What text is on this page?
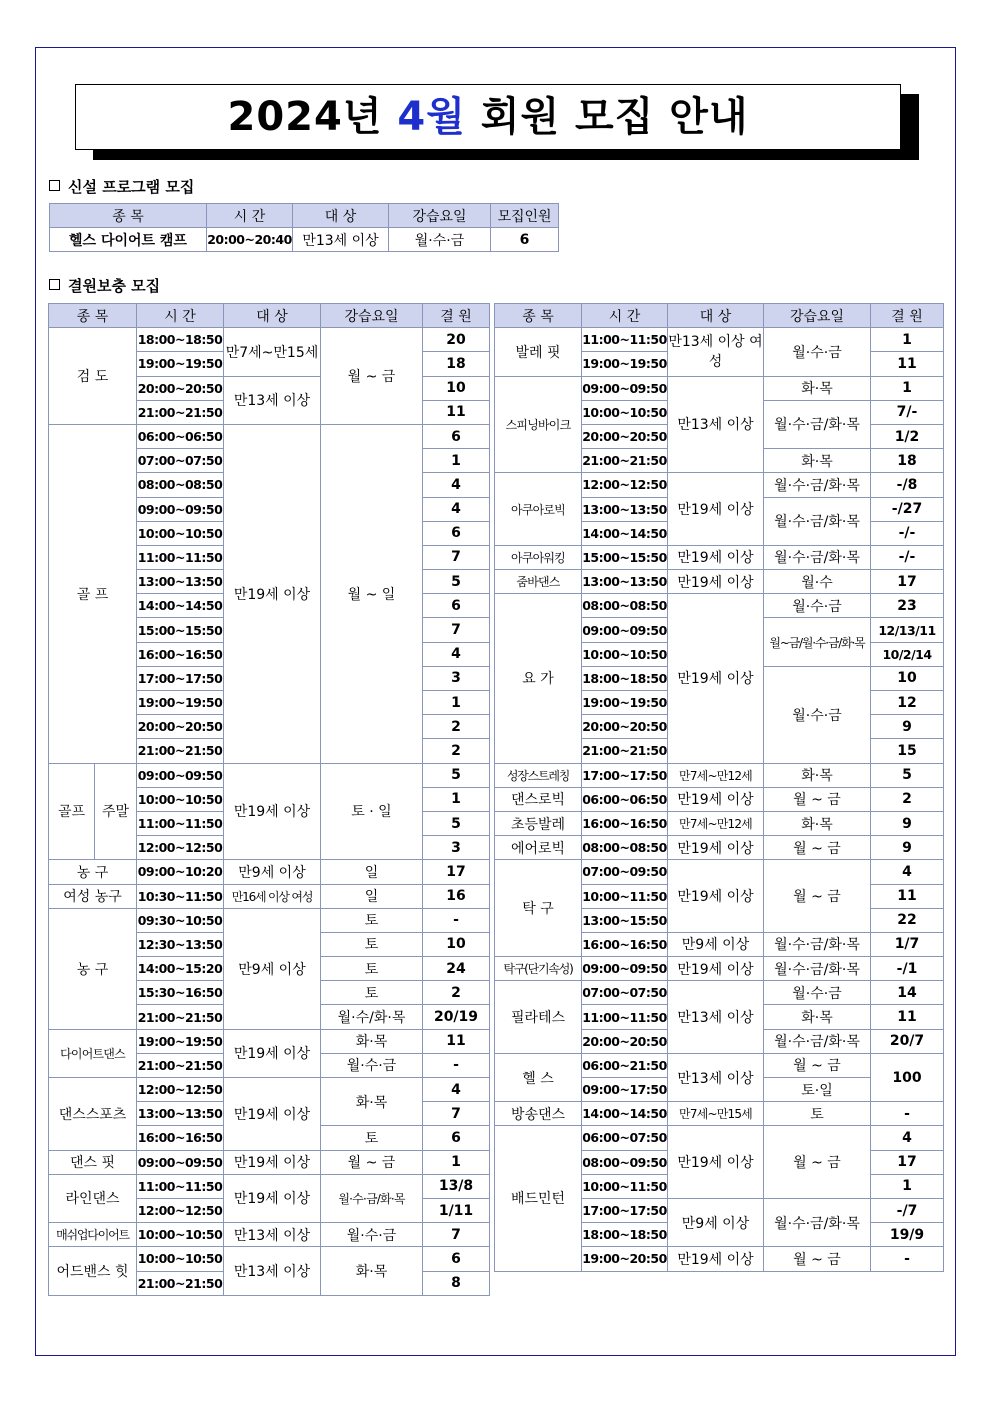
2024년 4월 회원 모집 안내
신설 프로그램 모집
종 목	시 간	대 상	강습요일	모집인원
헬스 다이어트 캠프	20:00~20:40	만13세 이상	월·수·금	6
결원보충 모집
종 목		시 간	대 상	강습요일	결 원
검 도		18:00~18:50	만7세~만15세	월 ~ 금	20
		19:00~19:50			18
		20:00~20:50	만13세 이상		10
		21:00~21:50			11
골 프		06:00~06:50	만19세 이상	월 ~ 일	6
		07:00~07:50			1
		08:00~08:50			4
		09:00~09:50			4
		10:00~10:50			6
		11:00~11:50			7
		13:00~13:50			5
		14:00~14:50			6
		15:00~15:50			7
		16:00~16:50			4
		17:00~17:50			3
		19:00~19:50			1
		20:00~20:50			2
		21:00~21:50			2
골프	주말	09:00~09:50	만19세 이상	토 · 일	5
		10:00~10:50			1
		11:00~11:50			5
		12:00~12:50			3
농 구		09:00~10:20	만9세 이상	일	17
여성 농구		10:30~11:50	만16세 이상 여성	일	16
농 구		09:30~10:50	만9세 이상	토	-
		12:30~13:50		토	10
		14:00~15:20		토	24
		15:30~16:50		토	2
		21:00~21:50		월·수/화·목	20/19
다이어트댄스		19:00~19:50	만19세 이상	화·목	11
		21:00~21:50		월·수·금	-
댄스스포츠		12:00~12:50	만19세 이상	화·목	4
		13:00~13:50			7
		16:00~16:50		토	6
댄스 핏		09:00~09:50	만19세 이상	월 ~ 금	1
라인댄스		11:00~11:50	만19세 이상	월·수·금/화·목	13/8
		12:00~12:50			1/11
매쉬업다이어트		10:00~10:50	만13세 이상	월·수·금	7
어드밴스 힛		10:00~10:50	만13세 이상	화·목	6
		21:00~21:50			8
종 목	시 간	대 상	강습요일	결 원
발레 핏	11:00~11:50	만13세 이상 여성	월·수·금	1
	19:00~19:50			11
스피닝바이크	09:00~09:50	만13세 이상	화·목	1
	10:00~10:50		월·수·금/화·목	7/-
	20:00~20:50			1/2
	21:00~21:50		화·목	18
아쿠아로빅	12:00~12:50	만19세 이상	월·수·금/화·목	-/8
	13:00~13:50		월·수·금/화·목	-/27
	14:00~14:50			-/-
아쿠아워킹	15:00~15:50	만19세 이상	월·수·금/화·목	-/-
줌바댄스	13:00~13:50	만19세 이상	월·수	17
요 가	08:00~08:50	만19세 이상	월·수·금	23
	09:00~09:50		월~금/월·수·금/화·목	12/13/11
	10:00~10:50			10/2/14
	18:00~18:50		월·수·금	10
	19:00~19:50			12
	20:00~20:50			9
	21:00~21:50			15
성장스트레칭	17:00~17:50	만7세~만12세	화·목	5
댄스로빅	06:00~06:50	만19세 이상	월 ~ 금	2
초등발레	16:00~16:50	만7세~만12세	화·목	9
에어로빅	08:00~08:50	만19세 이상	월 ~ 금	9
탁 구	07:00~09:50	만19세 이상	월 ~ 금	4
	10:00~11:50			11
	13:00~15:50			22
	16:00~16:50	만9세 이상	월·수·금/화·목	1/7
탁구(단기속성)	09:00~09:50	만19세 이상	월·수·금/화·목	-/1
필라테스	07:00~07:50	만13세 이상	월·수·금	14
	11:00~11:50		화·목	11
	20:00~20:50		월·수·금/화·목	20/7
헬 스	06:00~21:50	만13세 이상	월 ~ 금	100
	09:00~17:50		토·일	
방송댄스	14:00~14:50	만7세~만15세	토	-
배드민턴	06:00~07:50	만19세 이상	월 ~ 금	4
	08:00~09:50			17
	10:00~11:50			1
	17:00~17:50	만9세 이상	월·수·금/화·목	-/7
	18:00~18:50			19/9
	19:00~20:50	만19세 이상	월 ~ 금	-
